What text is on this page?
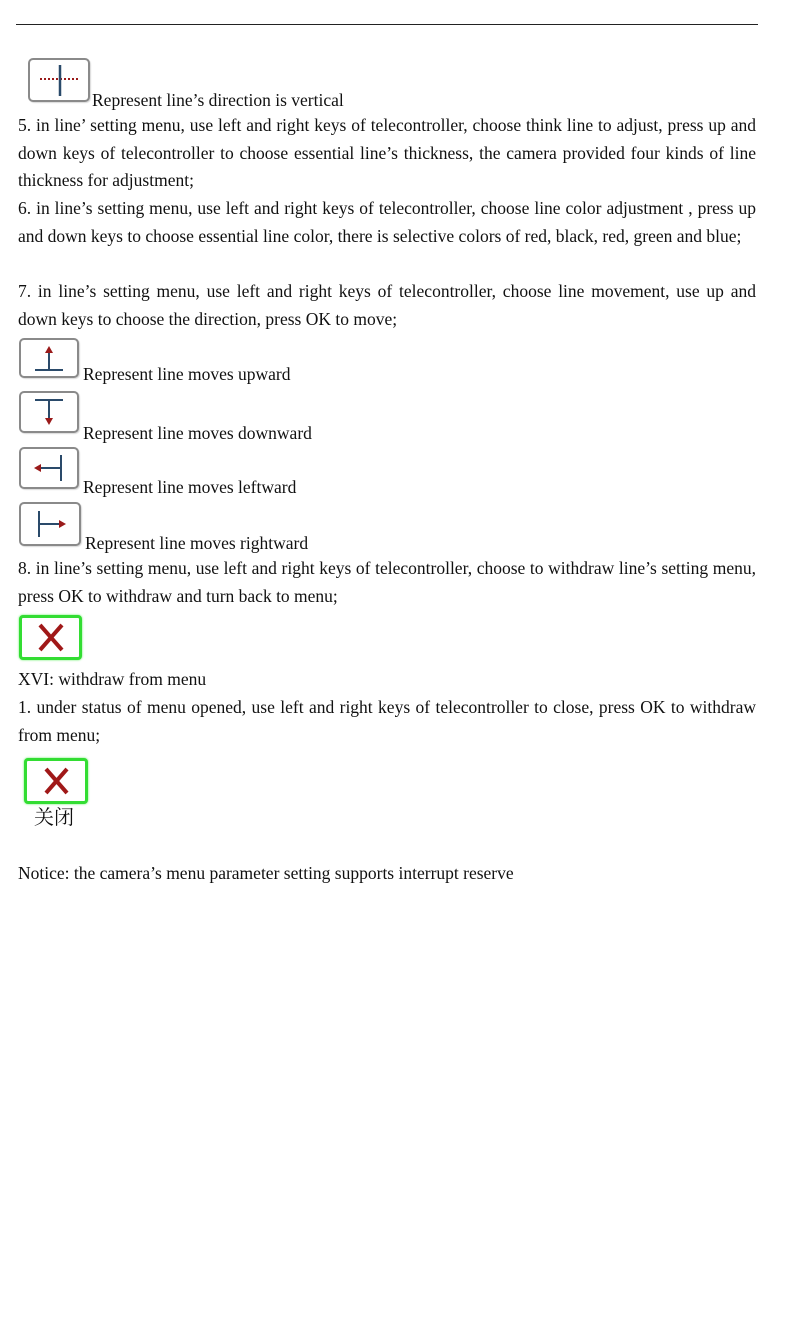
Represent line’s direction is vertical

5. in line’ setting menu, use left and right keys of telecontroller, choose think line to adjust, press up and down keys of telecontroller to choose essential line’s thickness, the camera provided four kinds of line thickness for adjustment;

6. in line’s setting menu, use left and right keys of telecontroller, choose line color adjustment , press up and down keys to choose essential line color, there is selective colors of red, black, red, green and blue;

7. in line’s setting menu, use left and right keys of telecontroller, choose line movement, use up and down keys to choose the direction, press OK to move;

Represent line moves upward
Represent line moves downward
Represent line moves leftward
Represent line moves rightward

8. in line’s setting menu, use left and right keys of telecontroller, choose to withdraw line’s setting menu, press OK to withdraw and turn back to menu;

XVI: withdraw from menu

1. under status of menu opened, use left and right keys of telecontroller to close, press OK to withdraw from menu;

关闭
Notice: the camera’s menu parameter setting supports interrupt reserve
